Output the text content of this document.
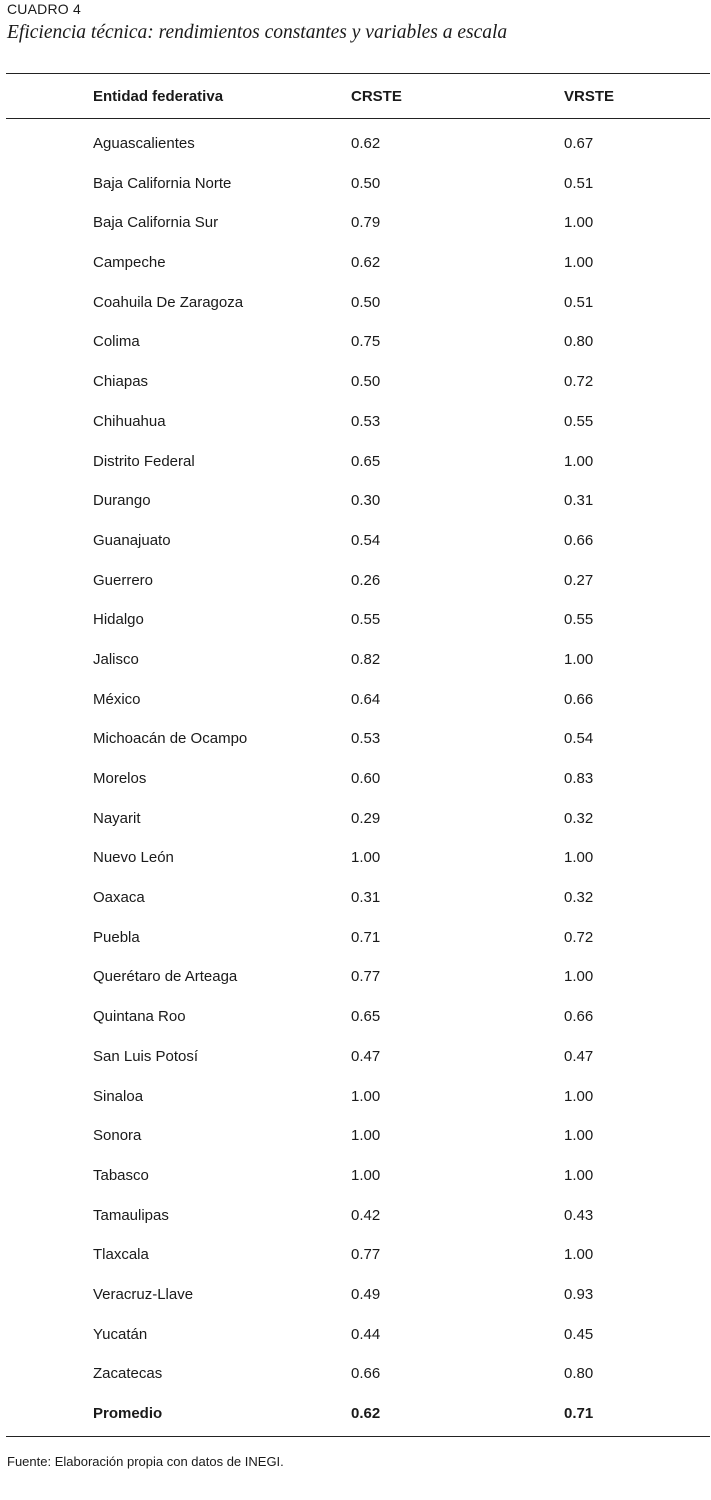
CUADRO 4
Eficiencia técnica: rendimientos constantes y variables a escala
Entidad federativa	CRSTE	VRSTE
Aguascalientes	0.62	0.67
Baja California Norte	0.50	0.51
Baja California Sur	0.79	1.00
Campeche	0.62	1.00
Coahuila De Zaragoza	0.50	0.51
Colima	0.75	0.80
Chiapas	0.50	0.72
Chihuahua	0.53	0.55
Distrito Federal	0.65	1.00
Durango	0.30	0.31
Guanajuato	0.54	0.66
Guerrero	0.26	0.27
Hidalgo	0.55	0.55
Jalisco	0.82	1.00
México	0.64	0.66
Michoacán de Ocampo	0.53	0.54
Morelos	0.60	0.83
Nayarit	0.29	0.32
Nuevo León	1.00	1.00
Oaxaca	0.31	0.32
Puebla	0.71	0.72
Querétaro de Arteaga	0.77	1.00
Quintana Roo	0.65	0.66
San Luis Potosí	0.47	0.47
Sinaloa	1.00	1.00
Sonora	1.00	1.00
Tabasco	1.00	1.00
Tamaulipas	0.42	0.43
Tlaxcala	0.77	1.00
Veracruz-Llave	0.49	0.93
Yucatán	0.44	0.45
Zacatecas	0.66	0.80
Promedio	0.62	0.71
Fuente: Elaboración propia con datos de INEGI.
